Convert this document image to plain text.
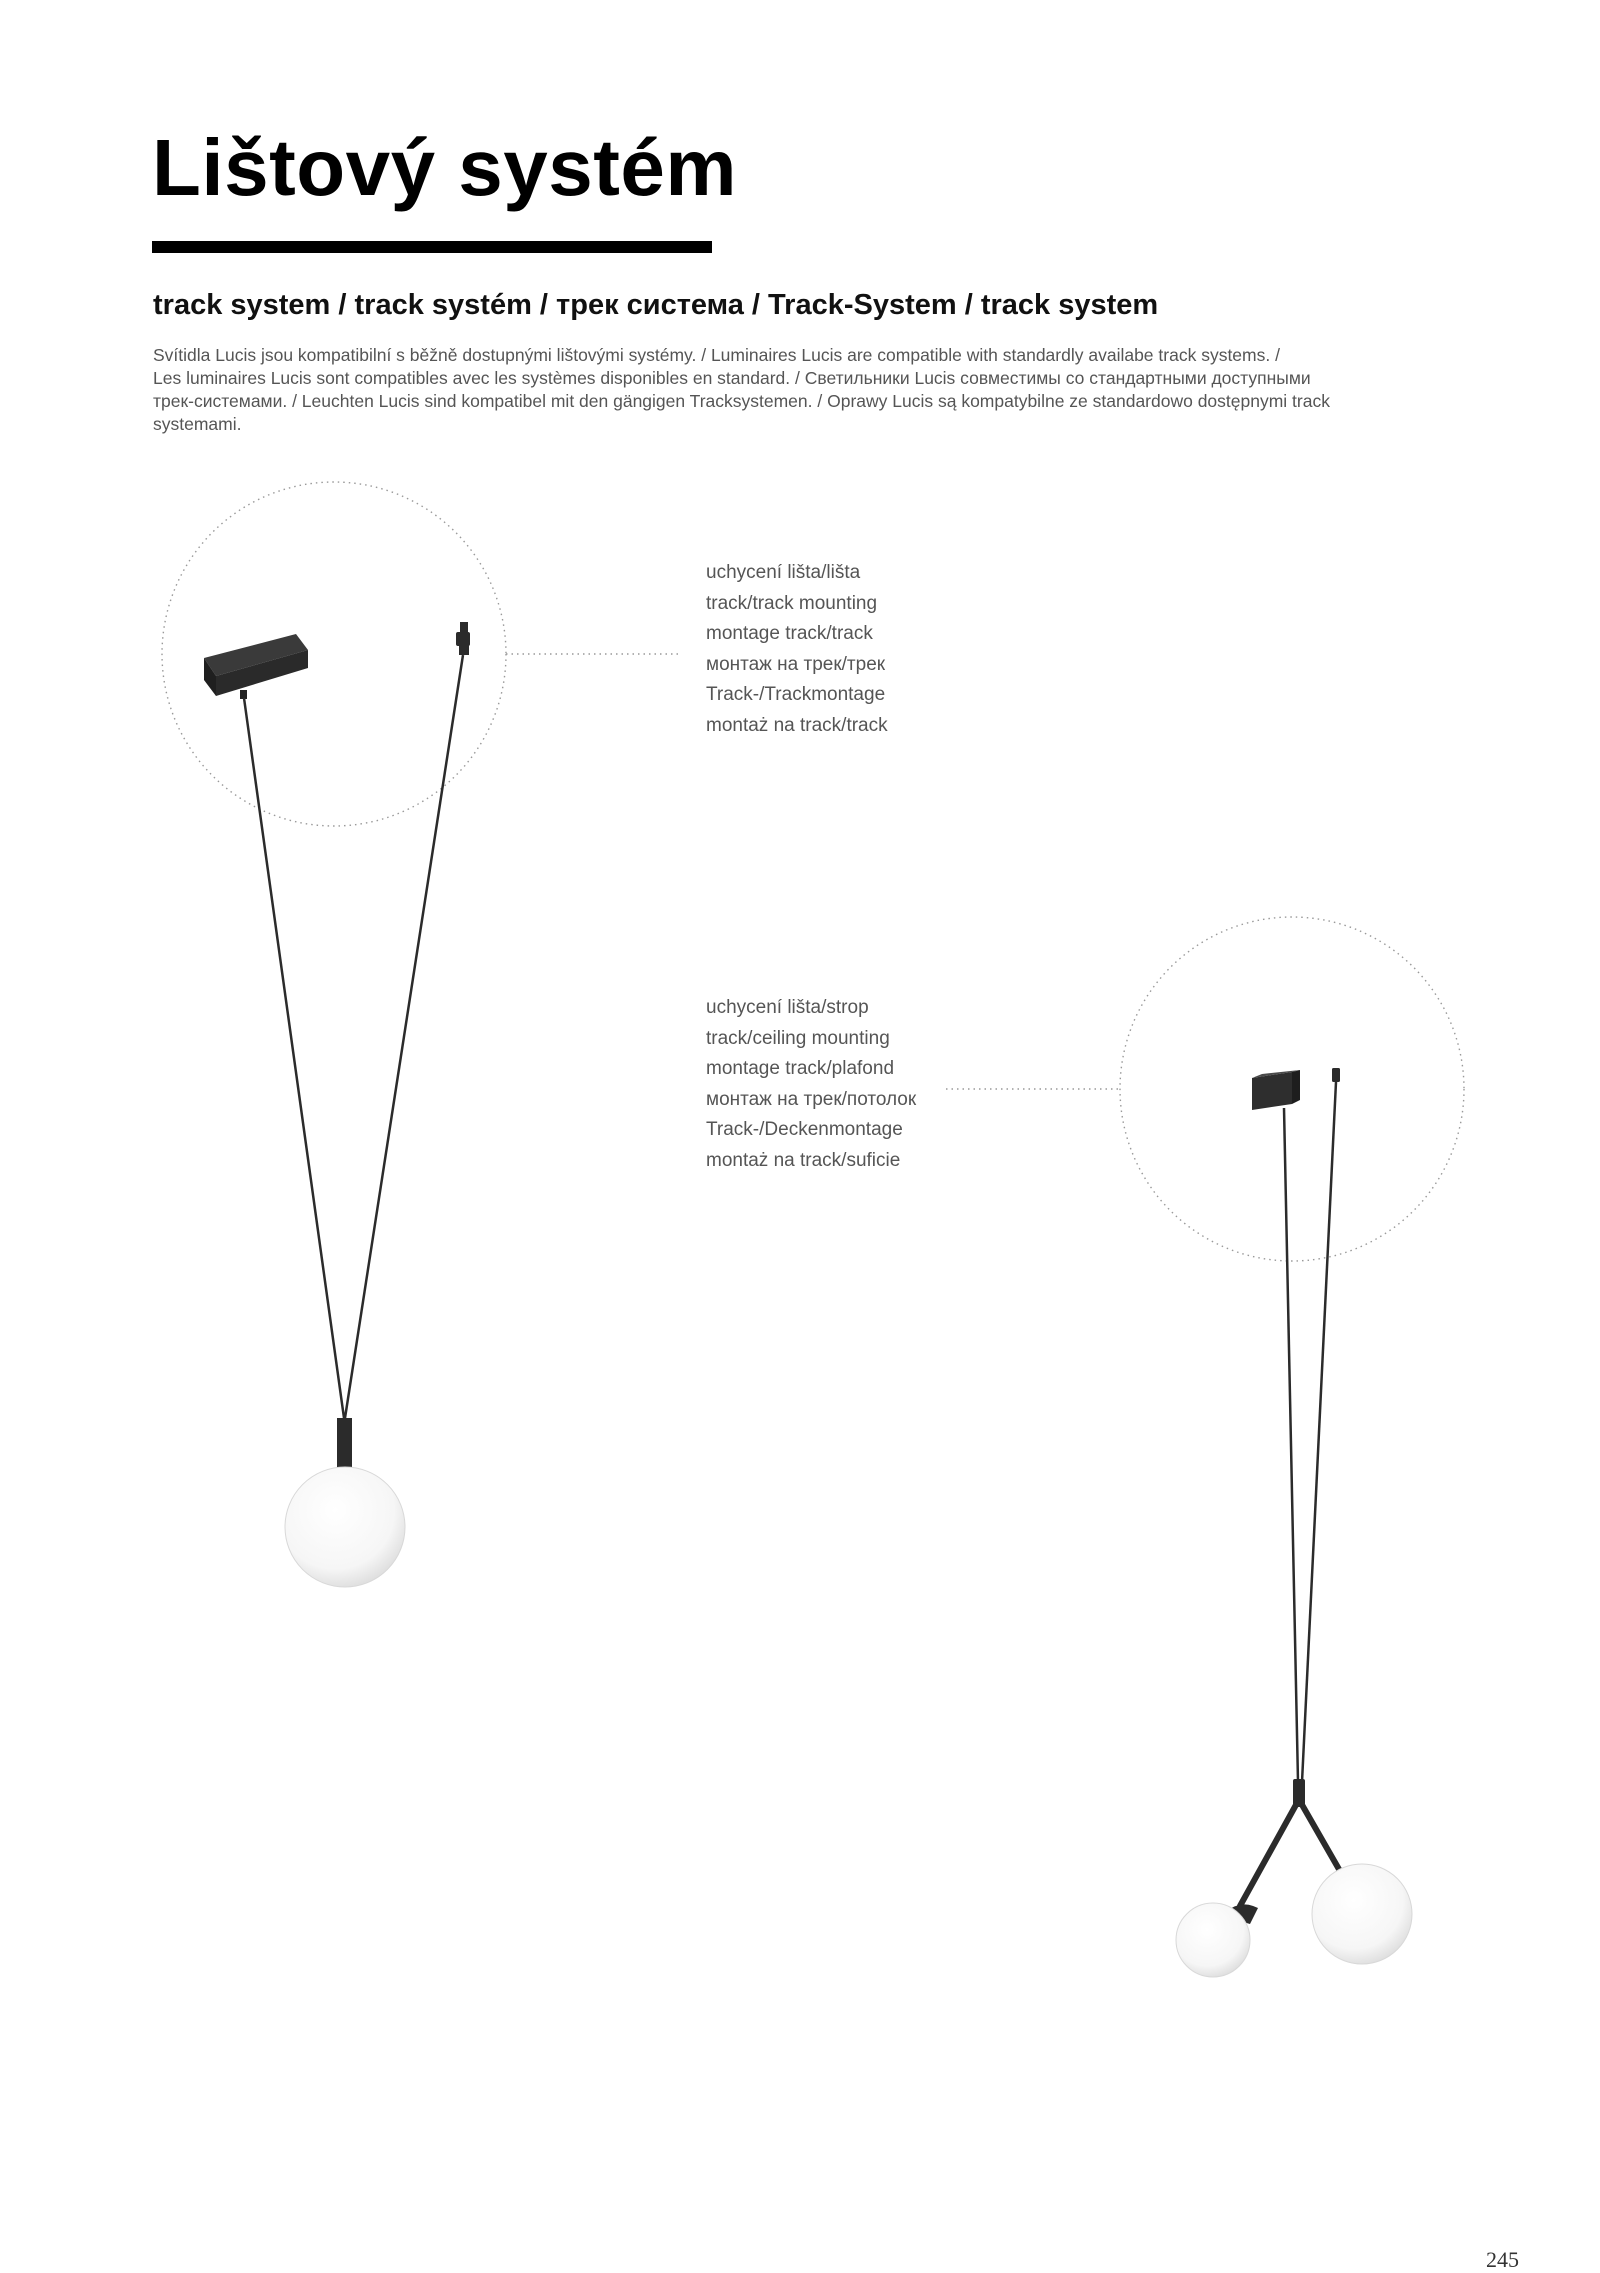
Lištový systém
track system / track systém / трек система / Track-System / track system

Svítidla Lucis jsou kompatibilní s běžně dostupnými lištovými systémy. / Luminaires Lucis are compatible with standardly availabe track systems. /

Les luminaires Lucis sont compatibles avec les systèmes disponibles en standard. / Светильники Lucis совместимы со стандартными доступными

трек-системами. / Leuchten Lucis sind kompatibel mit den gängigen Tracksystemen. / Oprawy Lucis są kompatybilne ze standardowo dostępnymi track

systemami.

uchycení lišta/lišta
track/track mounting
montage track/track
монтаж на трек/трек
Track-/Trackmontage
montaż na track/track
uchycení lišta/strop
track/ceiling mounting
montage track/plafond
монтаж на трек/потолок
Track-/Deckenmontage
montaż na track/suficie

245
